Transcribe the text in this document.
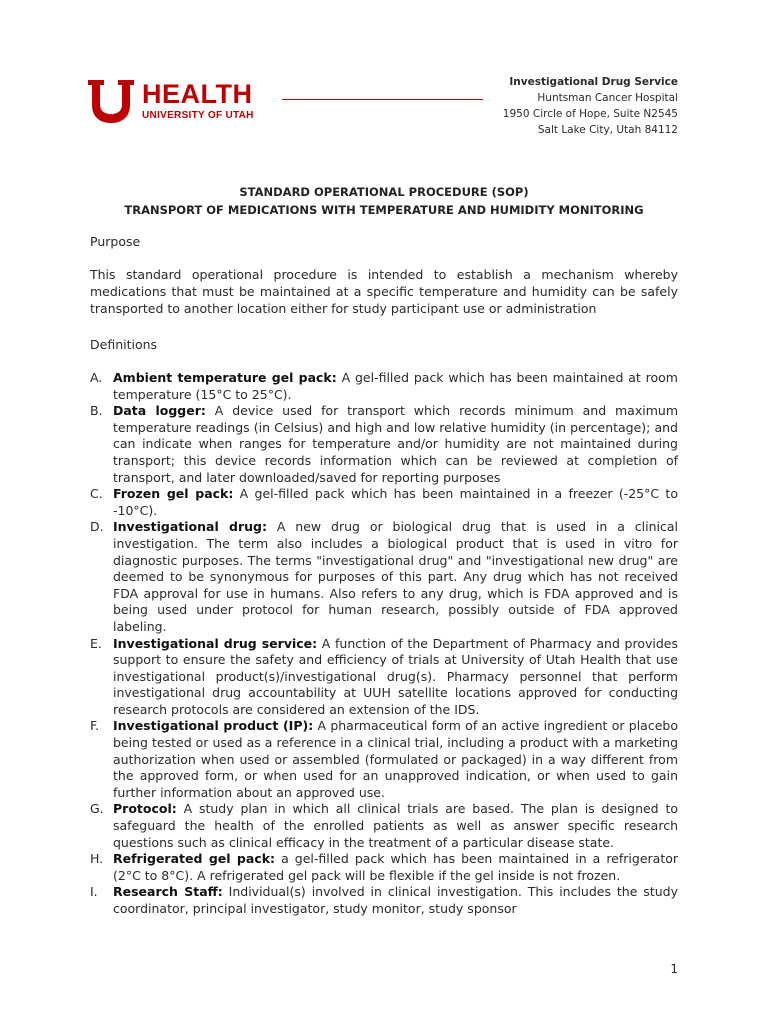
HEALTH
UNIVERSITY OF UTAH
Investigational Drug Service
Huntsman Cancer Hospital
1950 Circle of Hope, Suite N2545
Salt Lake City, Utah 84112
STANDARD OPERATIONAL PROCEDURE (SOP)
TRANSPORT OF MEDICATIONS WITH TEMPERATURE AND HUMIDITY MONITORING
Purpose
This standard operational procedure is intended to establish a mechanism whereby medications that must be maintained at a specific temperature and humidity can be safely transported to another location either for study participant use or administration
Definitions
A. Ambient temperature gel pack: A gel-filled pack which has been maintained at room temperature (15°C to 25°C).
B. Data logger: A device used for transport which records minimum and maximum temperature readings (in Celsius) and high and low relative humidity (in percentage); and can indicate when ranges for temperature and/or humidity are not maintained during transport; this device records information which can be reviewed at completion of transport, and later downloaded/saved for reporting purposes
C. Frozen gel pack: A gel-filled pack which has been maintained in a freezer (-25°C to -10°C).
D. Investigational drug: A new drug or biological drug that is used in a clinical investigation. The term also includes a biological product that is used in vitro for diagnostic purposes. The terms "investigational drug" and "investigational new drug" are deemed to be synonymous for purposes of this part. Any drug which has not received FDA approval for use in humans. Also refers to any drug, which is FDA approved and is being used under protocol for human research, possibly outside of FDA approved labeling.
E. Investigational drug service: A function of the Department of Pharmacy and provides support to ensure the safety and efficiency of trials at University of Utah Health that use investigational product(s)/investigational drug(s). Pharmacy personnel that perform investigational drug accountability at UUH satellite locations approved for conducting research protocols are considered an extension of the IDS.
F. Investigational product (IP): A pharmaceutical form of an active ingredient or placebo being tested or used as a reference in a clinical trial, including a product with a marketing authorization when used or assembled (formulated or packaged) in a way different from the approved form, or when used for an unapproved indication, or when used to gain further information about an approved use.
G. Protocol: A study plan in which all clinical trials are based. The plan is designed to safeguard the health of the enrolled patients as well as answer specific research questions such as clinical efficacy in the treatment of a particular disease state.
H. Refrigerated gel pack: a gel-filled pack which has been maintained in a refrigerator (2°C to 8°C). A refrigerated gel pack will be flexible if the gel inside is not frozen.
I. Research Staff: Individual(s) involved in clinical investigation. This includes the study coordinator, principal investigator, study monitor, study sponsor
1
